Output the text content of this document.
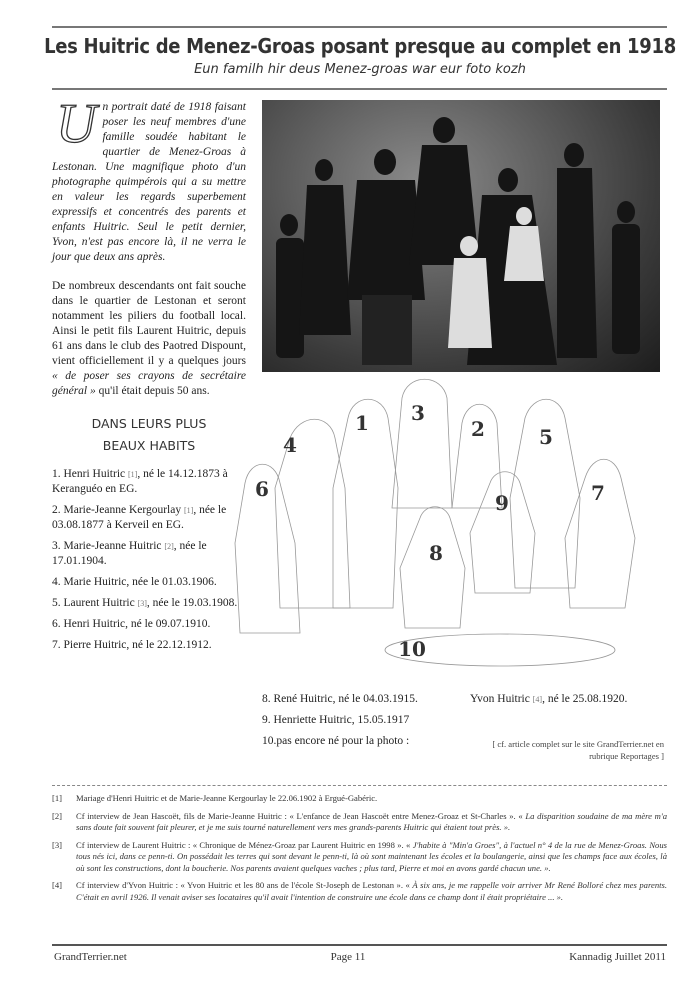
Les Huitric de Menez-Groas posant presque au complet en 1918
Eun familh hir deus Menez-groas war eur foto kozh

Un portrait daté de 1918 faisant poser les neuf membres d'une famille soudée habitant le quartier de Menez-Groas à Lestonan. Une magnifique photo d'un photographe quimpérois qui a su mettre en valeur les regards superbement expressifs et concentrés des parents et enfants Huitric. Seul le petit dernier, Yvon, n'est pas encore là, il ne verra le jour que deux ans après.

De nombreux descendants ont fait souche dans le quartier de Lestonan et seront notamment les piliers du football local. Ainsi le petit fils Laurent Huitric, depuis 61 ans dans le club des Paotred Dispount, vient officiellement il y a quelques jours « de poser ses crayons de secrétaire général » qu'il était depuis 50 ans.

DANS LEURS PLUS
BEAUX HABITS
1. Henri Huitric [1], né le 14.12.1873 à Keranguéo en EG.
2. Marie-Jeanne Kergourlay [1], née le 03.08.1877 à Kerveil en EG.
3. Marie-Jeanne Huitric [2], née le 17.01.1904.
4. Marie Huitric, née le 01.03.1906.
5. Laurent Huitric [3], née le 19.03.1908.
6. Henri Huitric, né le 09.07.1910.
7. Pierre Huitric, né le 22.12.1912.
8. René Huitric, né le 04.03.1915.
9. Henriette Huitric, 15.05.1917
10.pas encore né pour la photo :
Yvon Huitric [4], né le 25.08.1920.
1	2
3
4	5
6	7
8
9
10
[ cf. article complet sur le site GrandTerrier.net en rubrique Reportages ]
[1]	Mariage d'Henri Huitric et de Marie-Jeanne Kergourlay le 22.06.1902 à Ergué-Gabéric.
[2]	Cf interview de Jean Hascoët, fils de Marie-Jeanne Huitric : « L'enfance de Jean Hascoët entre Menez-Groaz et St-Charles ». « La disparition soudaine de ma mère m'a sans doute fait souvent fait pleurer, et je me suis tourné naturellement vers mes grands-parents Huitric qui étaient tout près. ».
[3]	Cf interview de Laurent Huitric : « Chronique de Ménez-Groaz par Laurent Huitric en 1998 ». « J'habite à "Min'a Groes", à l'actuel n° 4 de la rue de Menez-Groas. Nous tous nés ici, dans ce penn-ti. On possédait les terres qui sont devant le penn-ti, là où sont maintenant les écoles et la boulangerie, ainsi que les champs face aux écoles, là où sont les constructions, dont la boucherie. Nos parents avaient quelques vaches ; plus tard, Pierre et moi en avons gardé chacun une. ».
[4]	Cf interview d'Yvon Huitric : « Yvon Huitric et les 80 ans de l'école St-Joseph de Lestonan ». « À six ans, je me rappelle voir arriver Mr René Bolloré chez mes parents. C'était en avril 1926. Il venait aviser ses locataires qu'il avait l'intention de construire une école dans ce champ dont il était propriétaire ... ».
GrandTerrier.net	Page 11	Kannadig Juillet 2011
